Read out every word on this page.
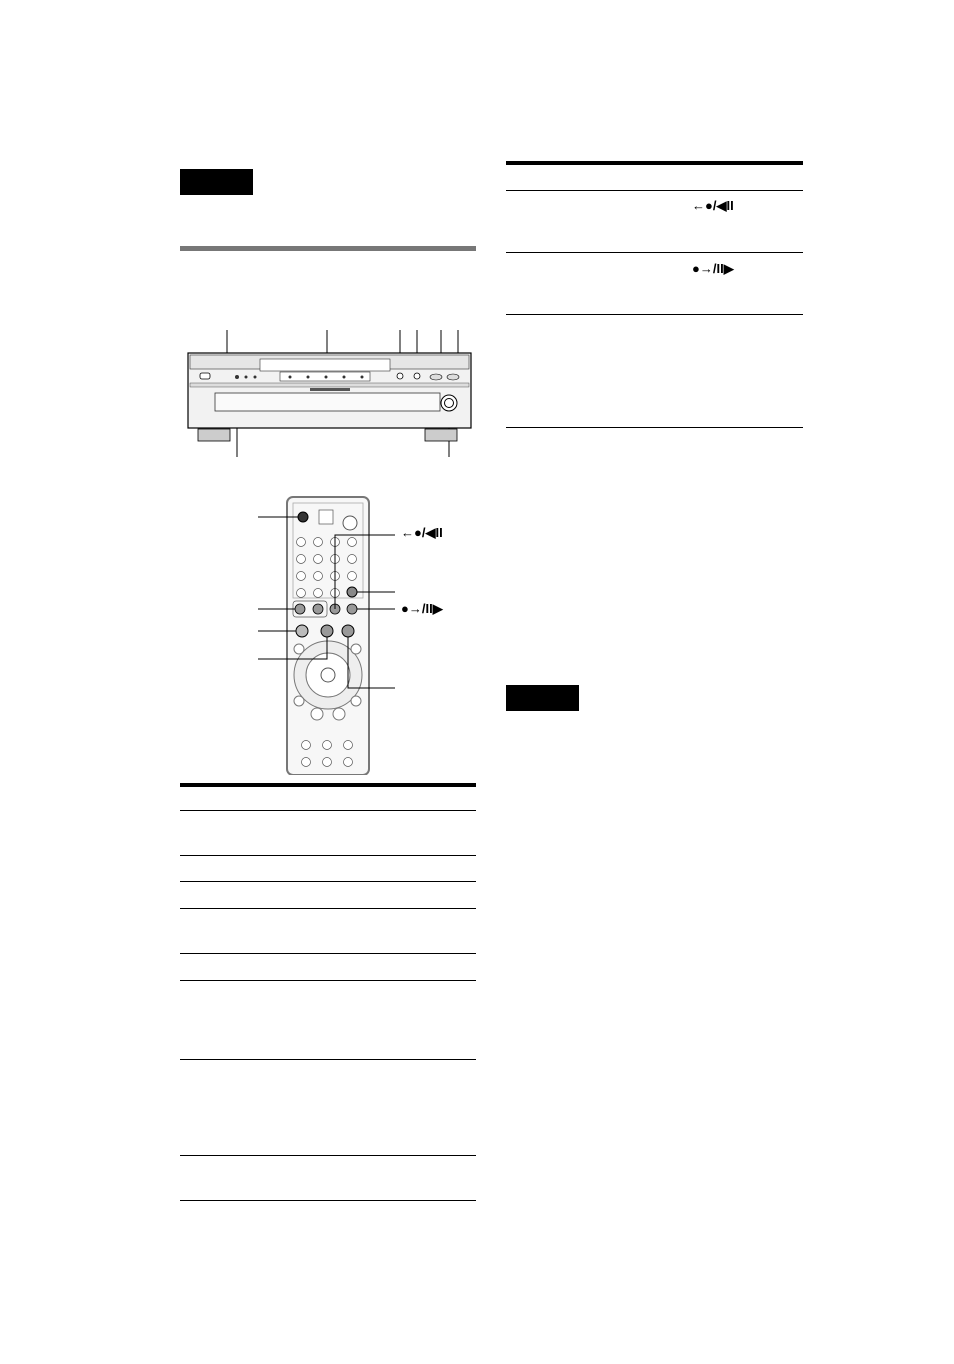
←●/◀II
●→/II▶
←●/◀II
●→/II▶
